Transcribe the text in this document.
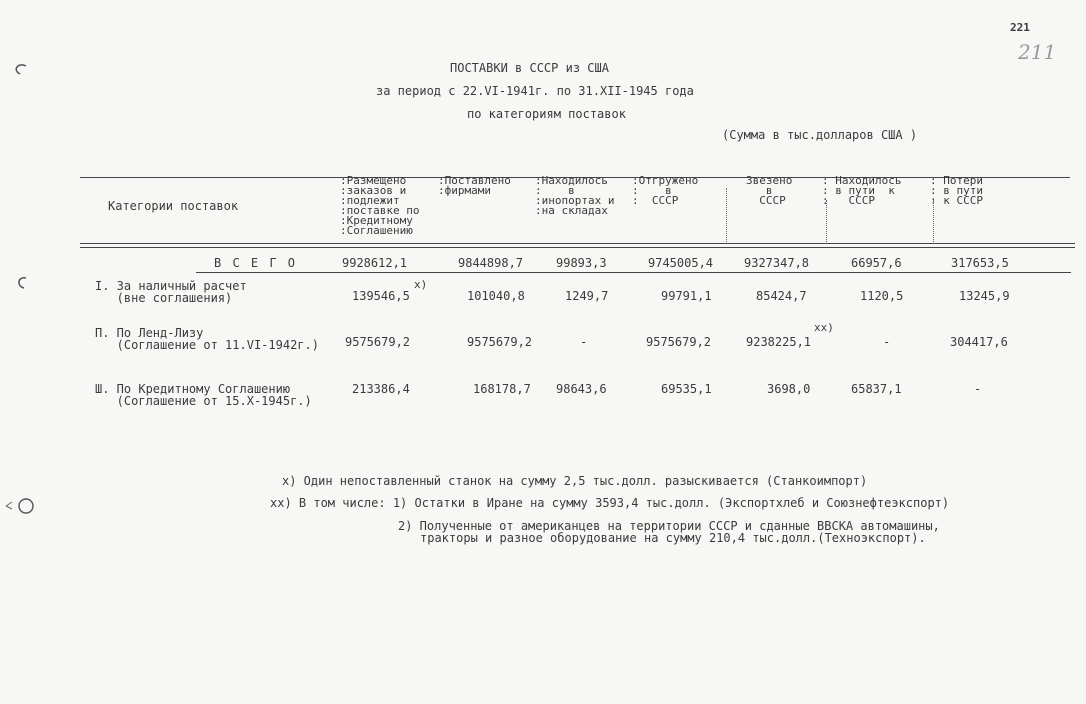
221
211
ПОСТАВКИ в СССР из США
за период с 22.VI-1941г. по 31.ХII-1945 года
по категориям поставок
(Сумма в тыс.долларов США )
Категории поставок
:Размещено
:заказов и
:подлежит
:поставке по
:Кредитному
:Соглашению
:Поставлено
:фирмами
:Находилось
:    в
:инопортах и
:на складах
:Отгружено
:    в
:  СССР
Звезено
в
СССР
: Находилось
: в пути  к
:   СССР
: Потери
: в пути
: к СССР
В С Е Г О	9928612,1	9844898,7	99893,3	9745005,4	9327347,8	66957,6	317653,5
I. За наличный расчет
(вне соглашения)
x)
139546,5	101040,8	1249,7	99791,1	85424,7	1120,5	13245,9
П. По Ленд-Лизу
(Соглашение от 11.VI-1942г.)
xx)
9575679,2	9575679,2	-	9575679,2	9238225,1	-	304417,6
Ш. По Кредитному Соглашению
(Соглашение от 15.Х-1945г.)
213386,4	168178,7 98643,6	69535,1	3698,0	65837,1	-
x) Один непоставленный станок на сумму 2,5 тыс.долл. разыскивается (Станкоимпорт)
xx) В том числе: 1) Остатки в Иране на сумму 3593,4 тыс.долл. (Экспортхлеб и Союзнефтеэкспорт)
2) Полученные от американцев на территории СССР и сданные ВВСКА автомашины,
тракторы и разное оборудование на сумму 210,4 тыс.долл.(Техноэкспорт).
